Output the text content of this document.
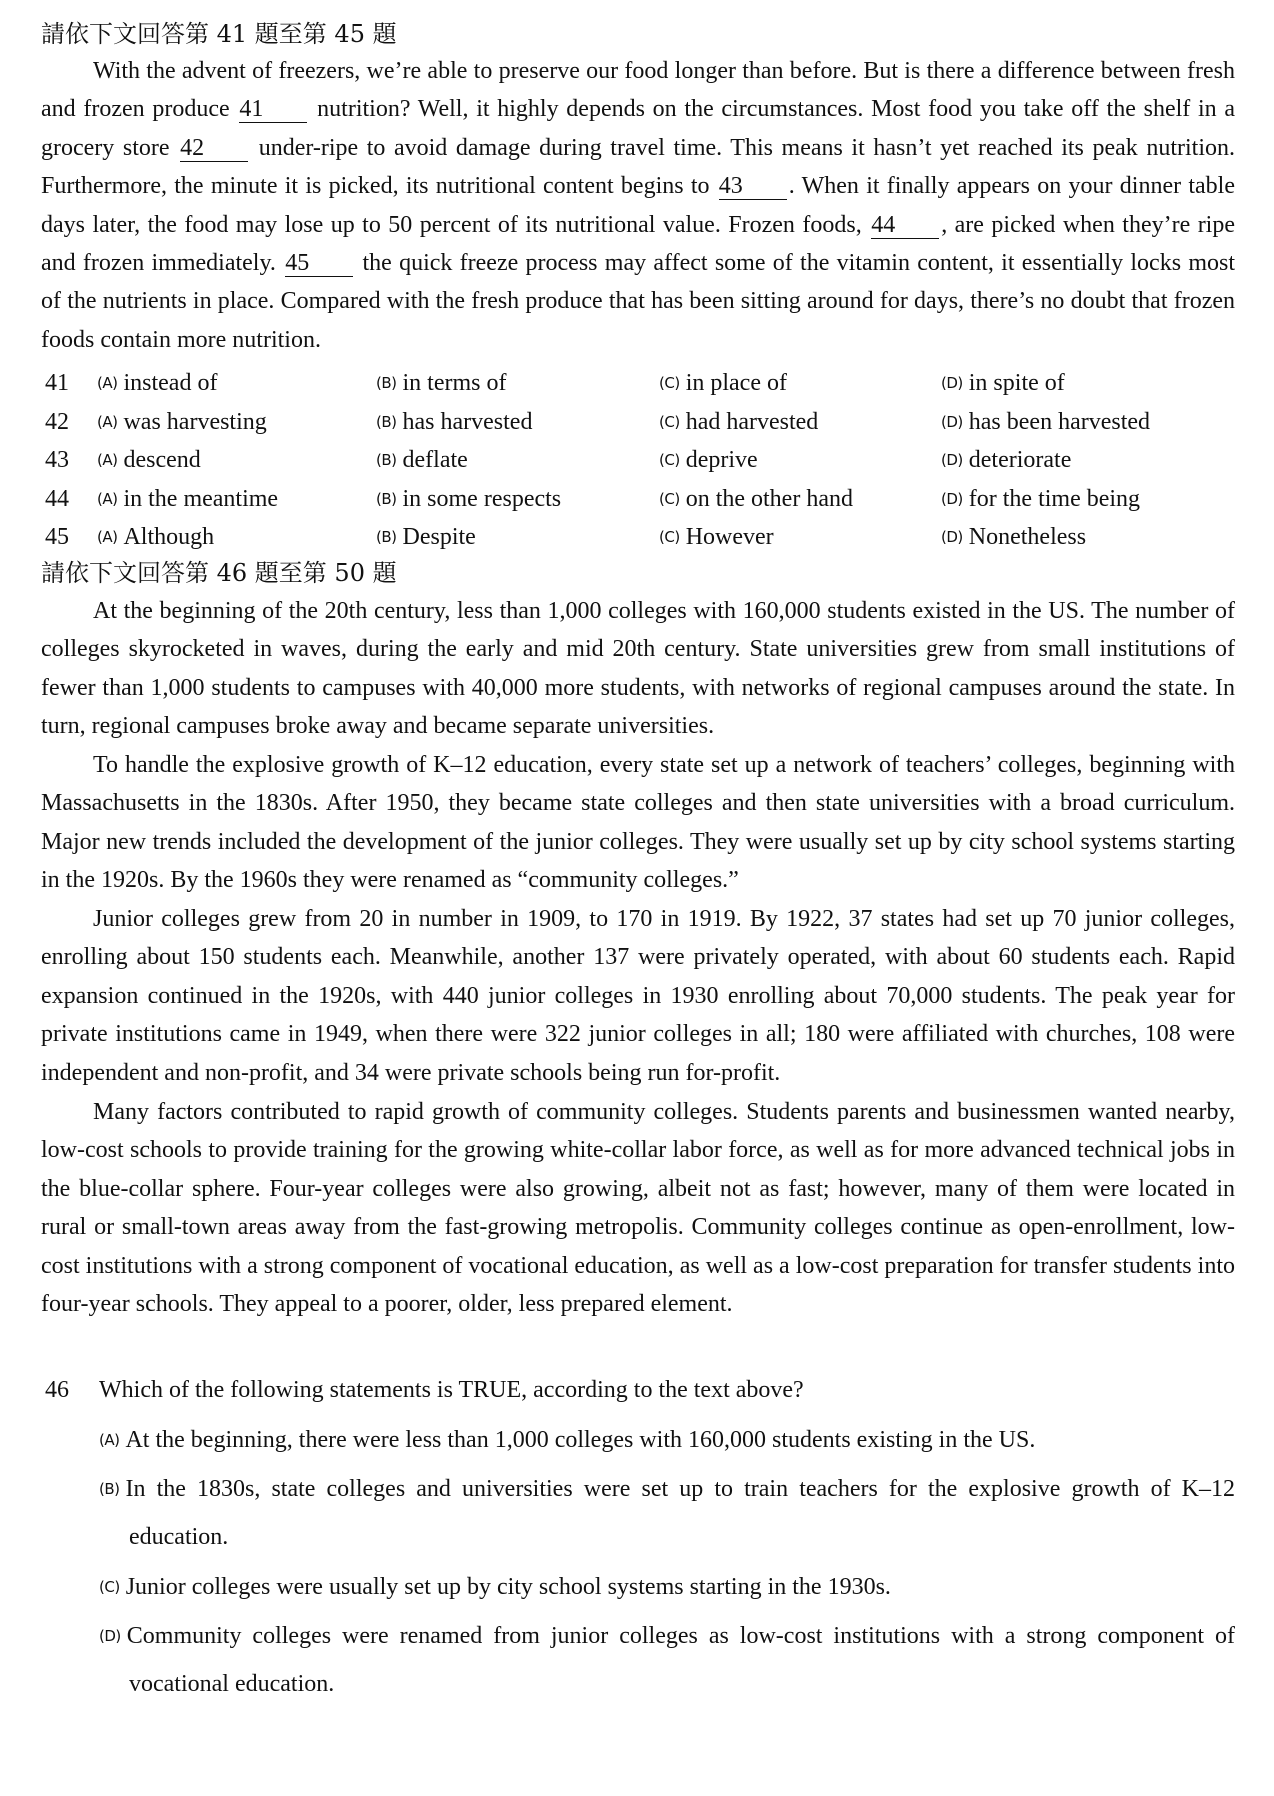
請依下文回答第 41 題至第 45 題

With the advent of freezers, we’re able to preserve our food longer than before. But is there a difference between fresh and frozen produce 41 nutrition? Well, it highly depends on the circumstances. Most food you take off the shelf in a grocery store 42 under-ripe to avoid damage during travel time. This means it hasn’t yet reached its peak nutrition. Furthermore, the minute it is picked, its nutritional content begins to 43 . When it finally appears on your dinner table days later, the food may lose up to 50 percent of its nutritional value. Frozen foods, 44 , are picked when they’re ripe and frozen immediately. 45 the quick freeze process may affect some of the vitamin content, it essentially locks most of the nutrients in place. Compared with the fresh produce that has been sitting around for days, there’s no doubt that frozen foods contain more nutrition.

41 (A) instead of	(B) in terms of	(C) in place of	(D) in spite of
42 (A) was harvesting	(B) has harvested	(C) had harvested	(D) has been harvested
43 (A) descend	(B) deflate	(C) deprive	(D) deteriorate
44 (A) in the meantime	(B) in some respects	(C) on the other hand	(D) for the time being
45 (A) Although	(B) Despite	(C) However	(D) Nonetheless
請依下文回答第 46 題至第 50 題

At the beginning of the 20th century, less than 1,000 colleges with 160,000 students existed in the US. The number of colleges skyrocketed in waves, during the early and mid 20th century. State universities grew from small institutions of fewer than 1,000 students to campuses with 40,000 more students, with networks of regional campuses around the state. In turn, regional campuses broke away and became separate universities.

To handle the explosive growth of K–12 education, every state set up a network of teachers’ colleges, beginning with Massachusetts in the 1830s. After 1950, they became state colleges and then state universities with a broad curriculum. Major new trends included the development of the junior colleges. They were usually set up by city school systems starting in the 1920s. By the 1960s they were renamed as “community colleges.”

Junior colleges grew from 20 in number in 1909, to 170 in 1919. By 1922, 37 states had set up 70 junior colleges, enrolling about 150 students each. Meanwhile, another 137 were privately operated, with about 60 students each. Rapid expansion continued in the 1920s, with 440 junior colleges in 1930 enrolling about 70,000 students. The peak year for private institutions came in 1949, when there were 322 junior colleges in all; 180 were affiliated with churches, 108 were independent and non-profit, and 34 were private schools being run for-profit.

Many factors contributed to rapid growth of community colleges. Students parents and businessmen wanted nearby, low-cost schools to provide training for the growing white-collar labor force, as well as for more advanced technical jobs in the blue-collar sphere. Four-year colleges were also growing, albeit not as fast; however, many of them were located in rural or small-town areas away from the fast-growing metropolis. Community colleges continue as open-enrollment, low-cost institutions with a strong component of vocational education, as well as a low-cost preparation for transfer students into four-year schools. They appeal to a poorer, older, less prepared element.

46 Which of the following statements is TRUE, according to the text above?
(A) At the beginning, there were less than 1,000 colleges with 160,000 students existing in the US.
(B) In the 1830s, state colleges and universities were set up to train teachers for the explosive growth of K–12 education.
(C) Junior colleges were usually set up by city school systems starting in the 1930s.
(D) Community colleges were renamed from junior colleges as low-cost institutions with a strong component of vocational education.
